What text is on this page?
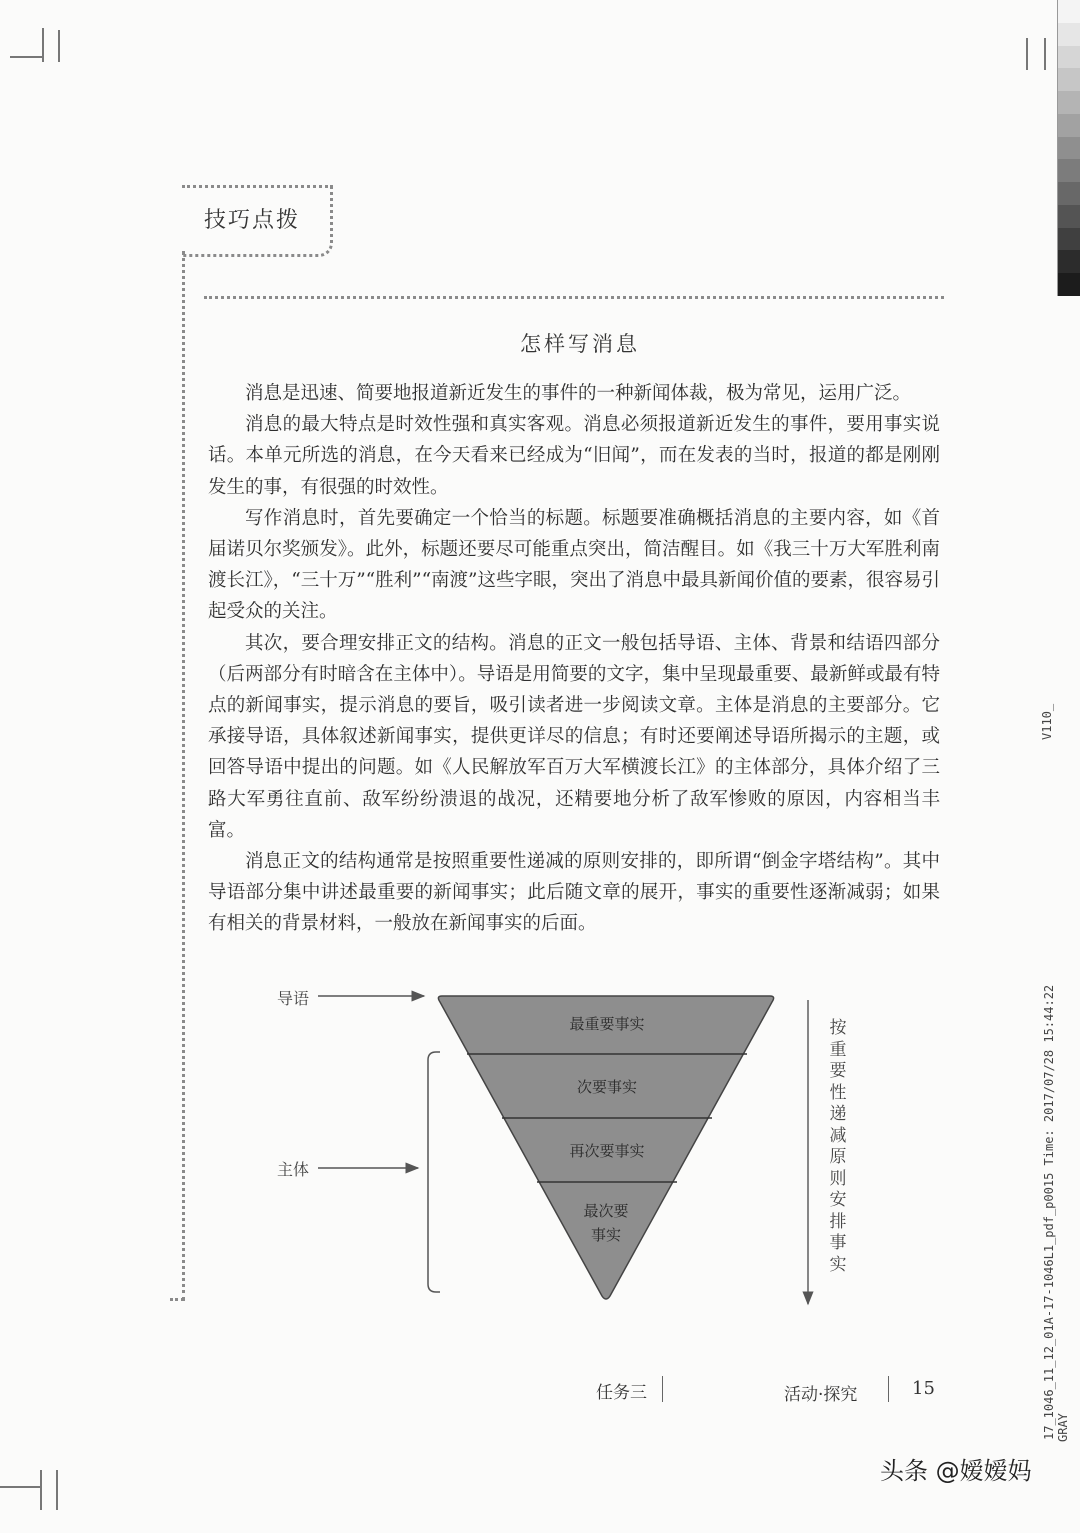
技巧点拨
怎样写消息

消息是迅速、简要地报道新近发生的事件的一种新闻体裁，极为常见，运用广泛。

消息的最大特点是时效性强和真实客观。消息必须报道新近发生的事件，要用事实说话。本单元所选的消息，在今天看来已经成为“旧闻”，而在发表的当时，报道的都是刚刚发生的事，有很强的时效性。

写作消息时，首先要确定一个恰当的标题。标题要准确概括消息的主要内容，如《首届诺贝尔奖颁发》。此外，标题还要尽可能重点突出，简洁醒目。如《我三十万大军胜利南渡长江》，“三十万”“胜利”“南渡”这些字眼，突出了消息中最具新闻价值的要素，很容易引起受众的关注。

其次，要合理安排正文的结构。消息的正文一般包括导语、主体、背景和结语四部分（后两部分有时暗含在主体中）。导语是用简要的文字，集中呈现最重要、最新鲜或最有特点的新闻事实，提示消息的要旨，吸引读者进一步阅读文章。主体是消息的主要部分。它承接导语，具体叙述新闻事实，提供更详尽的信息；有时还要阐述导语所揭示的主题，或回答导语中提出的问题。如《人民解放军百万大军横渡长江》的主体部分，具体介绍了三路大军勇往直前、敌军纷纷溃退的战况，还精要地分析了敌军惨败的原因，内容相当丰富。

消息正文的结构通常是按照重要性递减的原则安排的，即所谓“倒金字塔结构”。其中导语部分集中讲述最重要的新闻事实；此后随文章的展开，事实的重要性逐渐减弱；如果有相关的背景材料，一般放在新闻事实的后面。

最重要事实
次要事实
再次要事实
最次要
事实
导语
主体
按重要性递减原则安排事实
任务三	活动·探究	15
V110_
17_1046_11_12_01A-17-1046L1_pdf_p0015 Time: 2017/07/28 15:44:22 GRAY
头条 @嫒嫒妈
